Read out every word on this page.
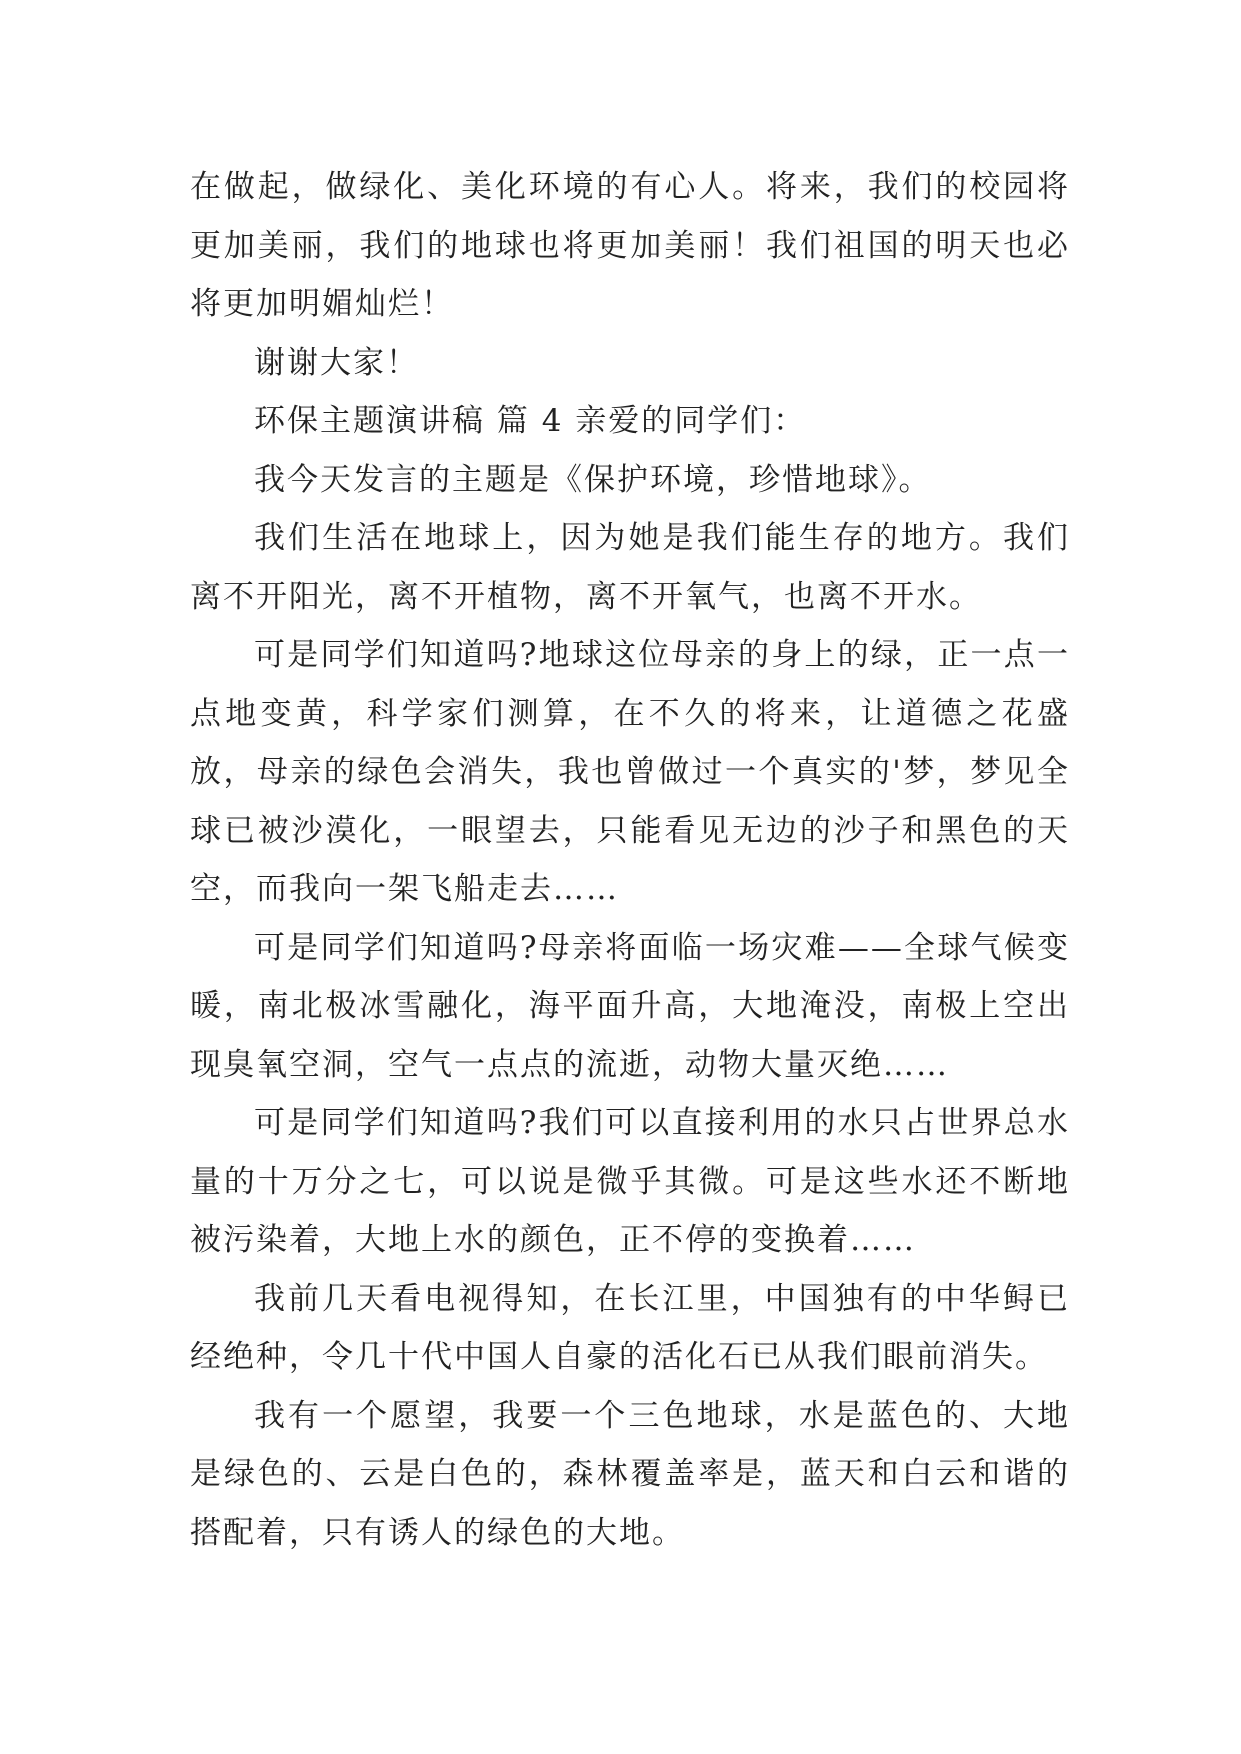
在做起，做绿化、美化环境的有心人。将来，我们的校园将更加美丽，我们的地球也将更加美丽！我们祖国的明天也必将更加明媚灿烂！

谢谢大家！

环保主题演讲稿 篇 4 亲爱的同学们：

我今天发言的主题是《保护环境，珍惜地球》。

我们生活在地球上，因为她是我们能生存的地方。我们离不开阳光，离不开植物，离不开氧气，也离不开水。

可是同学们知道吗?地球这位母亲的身上的绿，正一点一点地变黄，科学家们测算，在不久的将来，让道德之花盛放，母亲的绿色会消失，我也曾做过一个真实的'梦，梦见全球已被沙漠化，一眼望去，只能看见无边的沙子和黑色的天空，而我向一架飞船走去……

可是同学们知道吗?母亲将面临一场灾难——全球气候变暖，南北极冰雪融化，海平面升高，大地淹没，南极上空出现臭氧空洞，空气一点点的流逝，动物大量灭绝……

可是同学们知道吗?我们可以直接利用的水只占世界总水量的十万分之七，可以说是微乎其微。可是这些水还不断地被污染着，大地上水的颜色，正不停的变换着……

我前几天看电视得知，在长江里，中国独有的中华鲟已经绝种，令几十代中国人自豪的活化石已从我们眼前消失。

我有一个愿望，我要一个三色地球，水是蓝色的、大地是绿色的、云是白色的，森林覆盖率是，蓝天和白云和谐的搭配着，只有诱人的绿色的大地。
